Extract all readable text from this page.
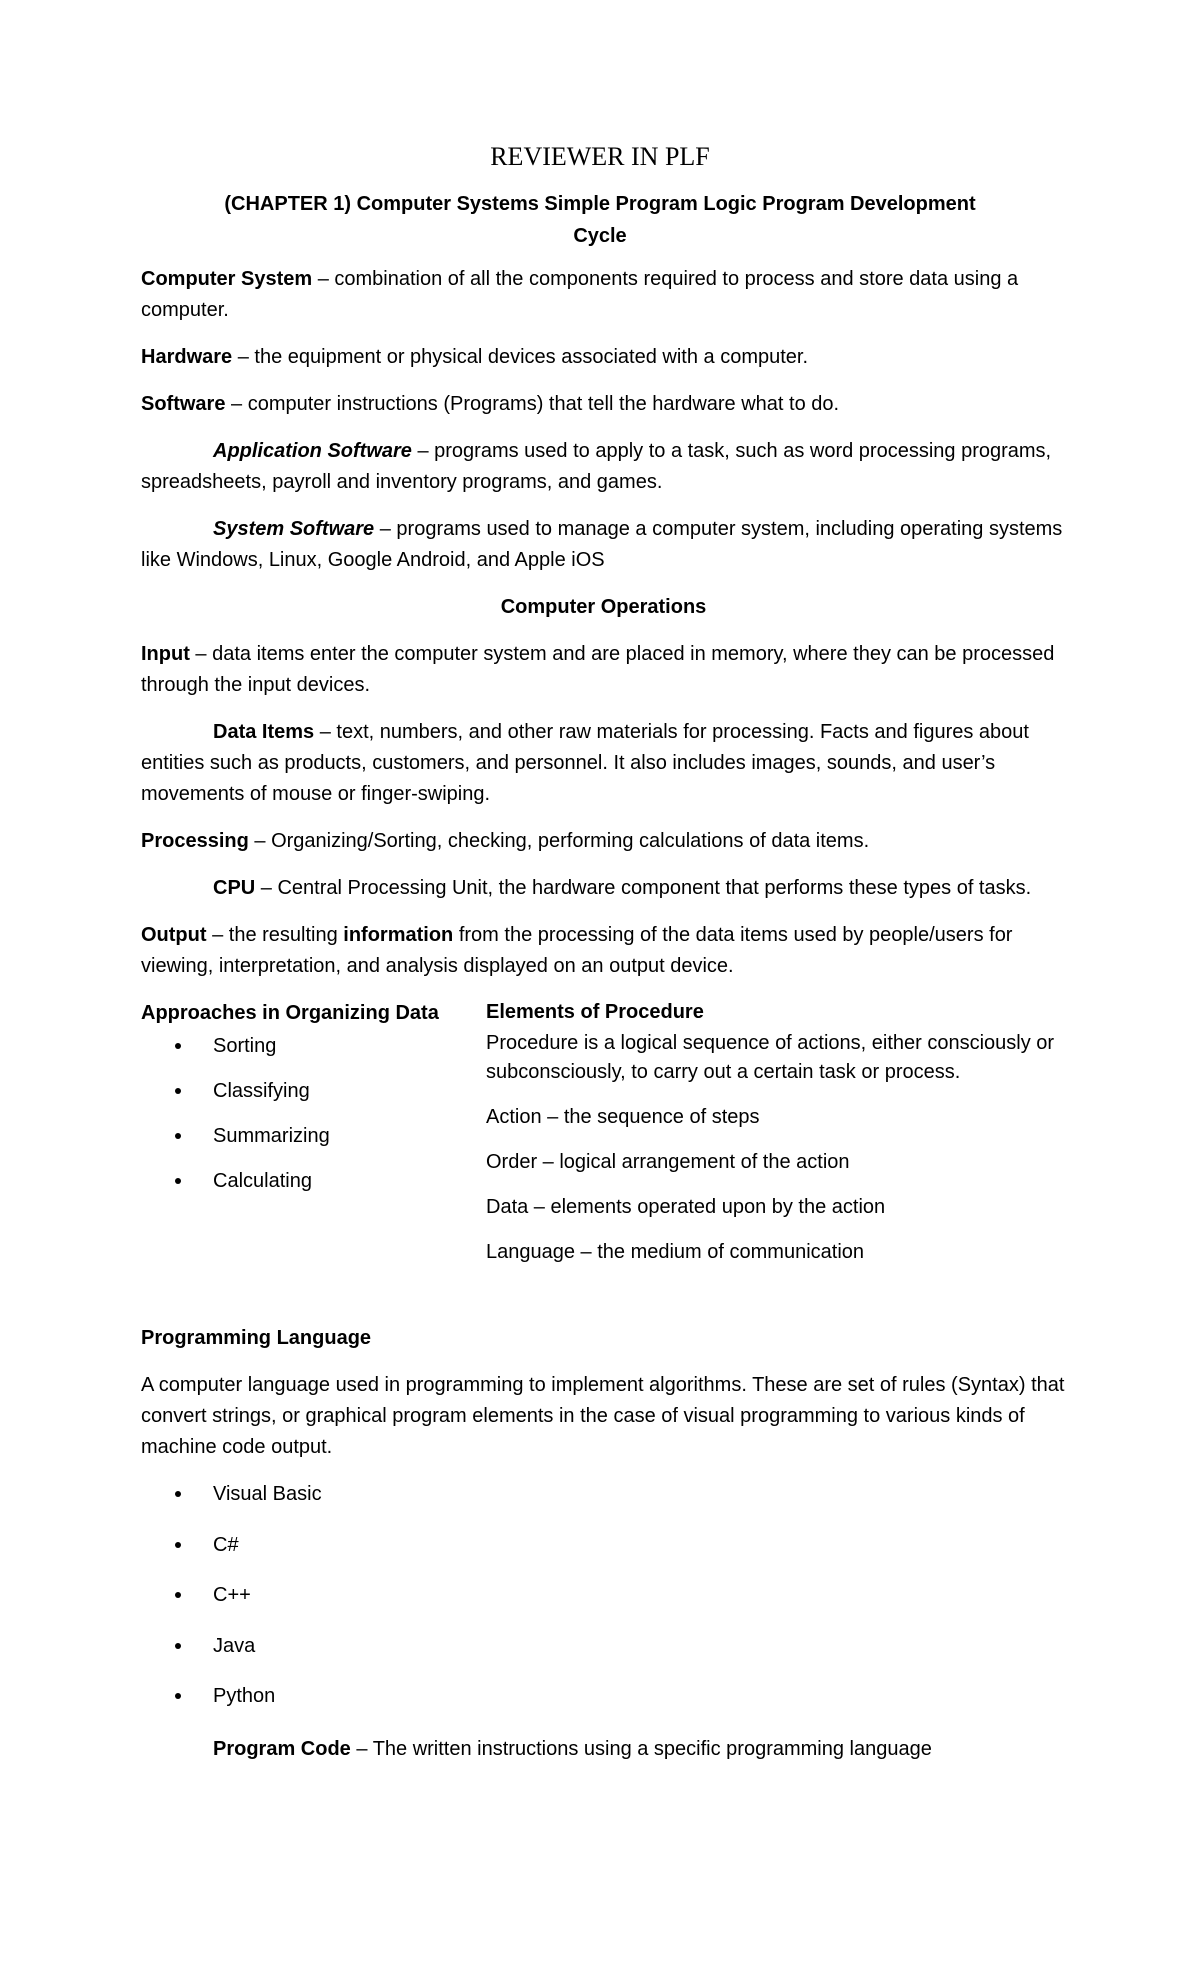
REVIEWER IN PLF
(CHAPTER 1) Computer Systems Simple Program Logic Program Development Cycle

Computer System – combination of all the components required to process and store data using a computer.

Hardware – the equipment or physical devices associated with a computer.

Software – computer instructions (Programs) that tell the hardware what to do.

Application Software – programs used to apply to a task, such as word processing programs, spreadsheets, payroll and inventory programs, and games.

System Software – programs used to manage a computer system, including operating systems like Windows, Linux, Google Android, and Apple iOS

Computer Operations

Input – data items enter the computer system and are placed in memory, where they can be processed through the input devices.

Data Items – text, numbers, and other raw materials for processing. Facts and figures about entities such as products, customers, and personnel. It also includes images, sounds, and user’s movements of mouse or finger-swiping.

Processing – Organizing/Sorting, checking, performing calculations of data items.

CPU – Central Processing Unit, the hardware component that performs these types of tasks.

Output – the resulting information from the processing of the data items used by people/users for viewing, interpretation, and analysis displayed on an output device.

Approaches in Organizing Data
Sorting
Classifying
Summarizing
Calculating
Elements of Procedure

Procedure is a logical sequence of actions, either consciously or subconsciously, to carry out a certain task or process.

Action – the sequence of steps

Order – logical arrangement of the action

Data – elements operated upon by the action

Language – the medium of communication

Programming Language

A computer language used in programming to implement algorithms. These are set of rules (Syntax) that convert strings, or graphical program elements in the case of visual programming to various kinds of machine code output.

Visual Basic
C#
C++
Java
Python

Program Code – The written instructions using a specific programming language
